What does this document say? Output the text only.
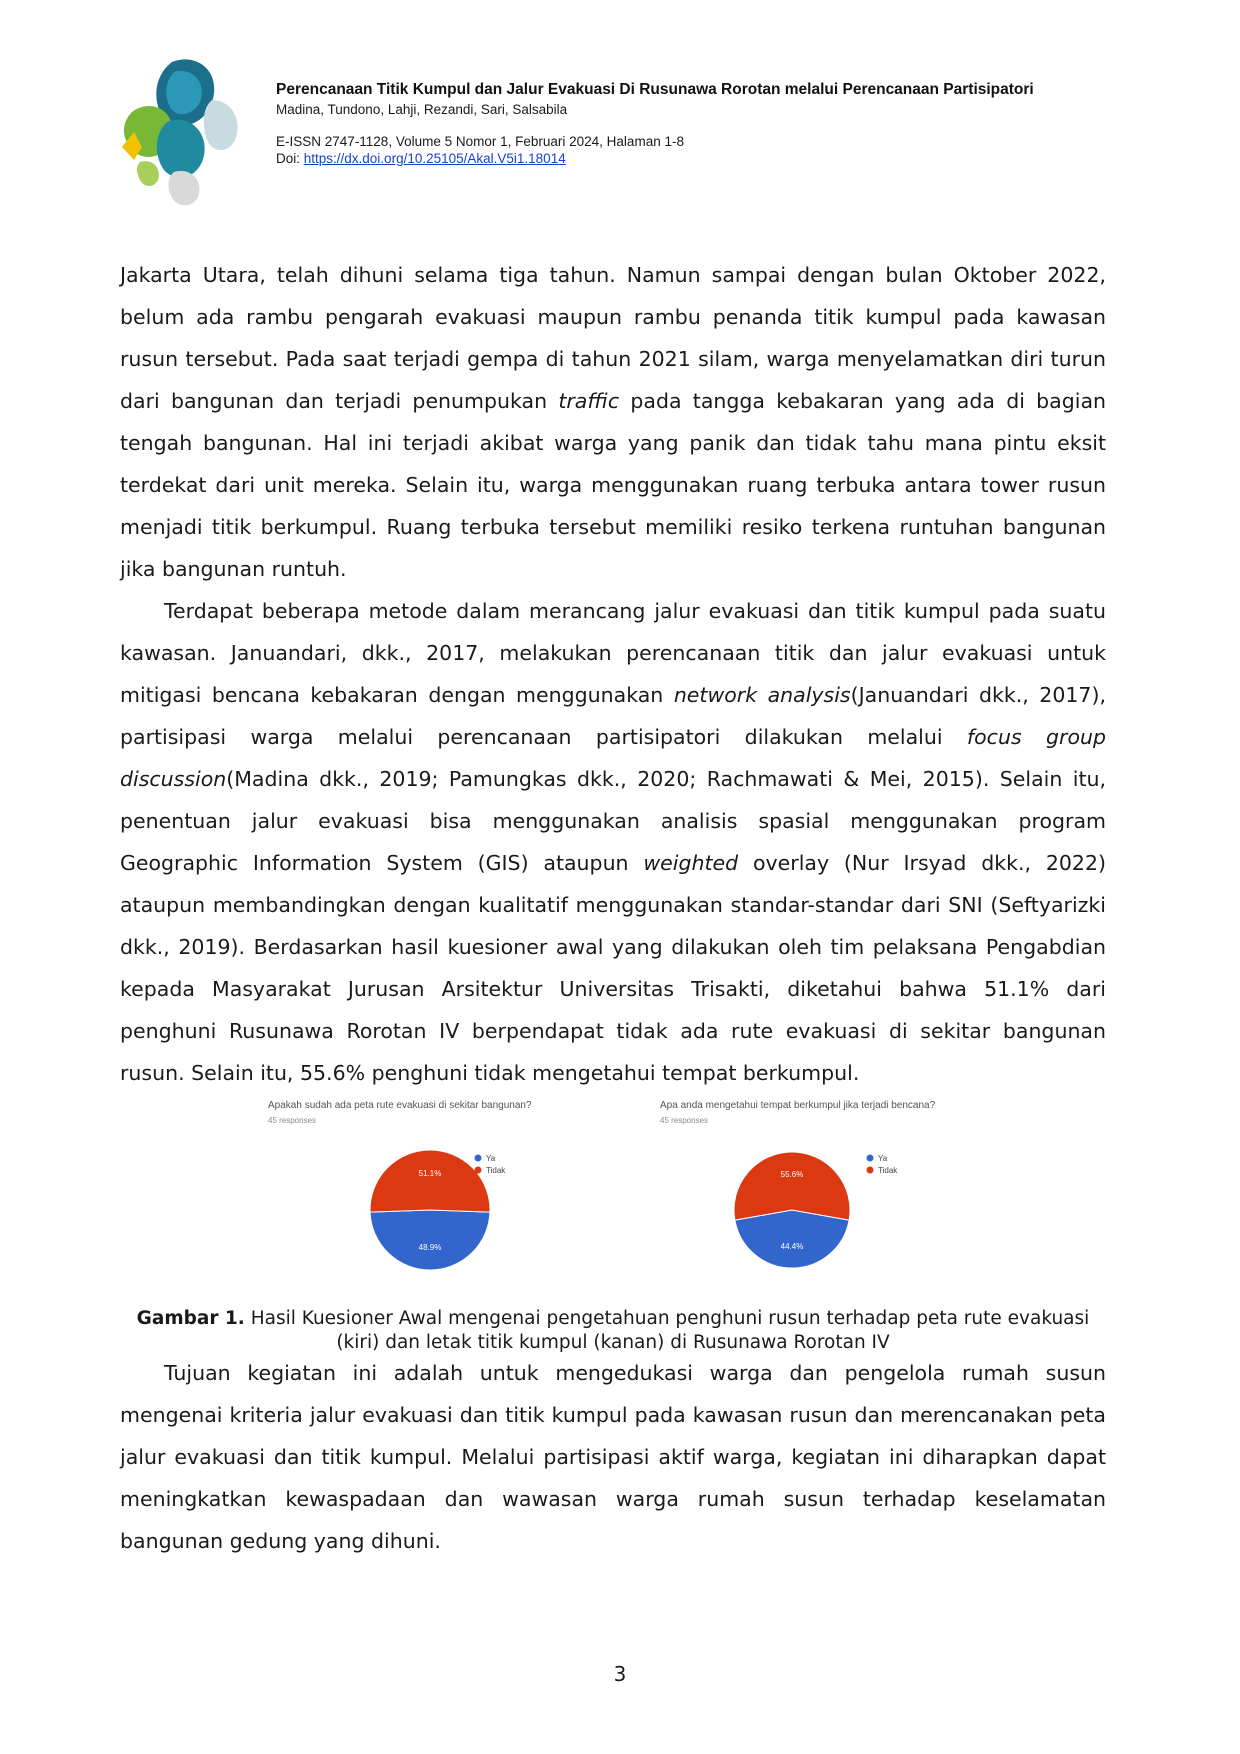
Perencanaan Titik Kumpul dan Jalur Evakuasi Di Rusunawa Rorotan melalui Perencanaan Partisipatori
Madina, Tundono, Lahji, Rezandi, Sari, Salsabila
E-ISSN 2747-1128, Volume 5 Nomor 1, Februari 2024, Halaman 1-8
Doi: https://dx.doi.org/10.25105/Akal.V5i1.18014

Jakarta Utara, telah dihuni selama tiga tahun. Namun sampai dengan bulan Oktober 2022, belum ada rambu pengarah evakuasi maupun rambu penanda titik kumpul pada kawasan rusun tersebut. Pada saat terjadi gempa di tahun 2021 silam, warga menyelamatkan diri turun dari bangunan dan terjadi penumpukan traffic pada tangga kebakaran yang ada di bagian tengah bangunan. Hal ini terjadi akibat warga yang panik dan tidak tahu mana pintu eksit terdekat dari unit mereka. Selain itu, warga menggunakan ruang terbuka antara tower rusun menjadi titik berkumpul. Ruang terbuka tersebut memiliki resiko terkena runtuhan bangunan jika bangunan runtuh.

Terdapat beberapa metode dalam merancang jalur evakuasi dan titik kumpul pada suatu kawasan. Januandari, dkk., 2017, melakukan perencanaan titik dan jalur evakuasi untuk mitigasi bencana kebakaran dengan menggunakan network analysis(Januandari dkk., 2017), partisipasi warga melalui perencanaan partisipatori dilakukan melalui focus group discussion(Madina dkk., 2019; Pamungkas dkk., 2020; Rachmawati & Mei, 2015). Selain itu, penentuan jalur evakuasi bisa menggunakan analisis spasial menggunakan program Geographic Information System (GIS) ataupun weighted overlay (Nur Irsyad dkk., 2022) ataupun membandingkan dengan kualitatif menggunakan standar-standar dari SNI (Seftyarizki dkk., 2019). Berdasarkan hasil kuesioner awal yang dilakukan oleh tim pelaksana Pengabdian kepada Masyarakat Jurusan Arsitektur Universitas Trisakti, diketahui bahwa 51.1% dari penghuni Rusunawa Rorotan IV berpendapat tidak ada rute evakuasi di sekitar bangunan rusun. Selain itu, 55.6% penghuni tidak mengetahui tempat berkumpul.

Apakah sudah ada peta rute evakuasi di sekitar bangunan?
45 responses
48.9%
51.1%
Ya
Tidak
Apa anda mengetahui tempat berkumpul jika terjadi bencana?
45 responses
44.4%
55.6%
Ya
Tidak
Gambar 1. Hasil Kuesioner Awal mengenai pengetahuan penghuni rusun terhadap peta rute evakuasi (kiri) dan letak titik kumpul (kanan) di Rusunawa Rorotan IV

Tujuan kegiatan ini adalah untuk mengedukasi warga dan pengelola rumah susun mengenai kriteria jalur evakuasi dan titik kumpul pada kawasan rusun dan merencanakan peta jalur evakuasi dan titik kumpul. Melalui partisipasi aktif warga, kegiatan ini diharapkan dapat meningkatkan kewaspadaan dan wawasan warga rumah susun terhadap keselamatan bangunan gedung yang dihuni.

3
